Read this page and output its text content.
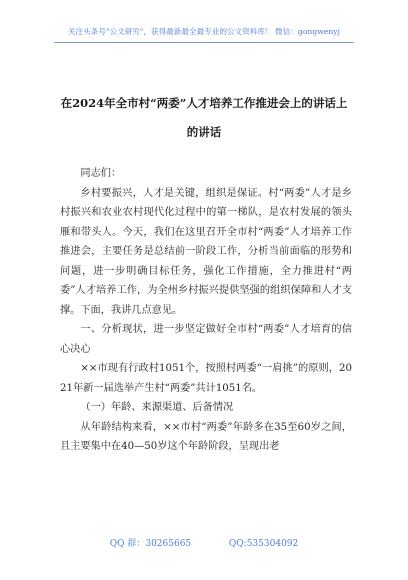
关注头条号"公文研究"，获得最新最全最专业的公文资料库！ 微信：gongwenyj
在2024年全市村“两委”人才培养工作推进会上的讲话上
的讲话

同志们：

乡村要振兴，人才是关键，组织是保证。村“两委”人才是乡村振兴和农业农村现代化过程中的第一梯队，是农村发展的领头雁和带头人。今天，我们在这里召开全市村“两委”人才培养工作推进会，主要任务是总结前一阶段工作，分析当前面临的形势和问题，进一步明确目标任务，强化工作措施，全力推进村“两委”人才培养工作，为全州乡村振兴提供坚强的组织保障和人才支撑。下面，我讲几点意见。

一、分析现状，进一步坚定做好全市村“两委”人才培育的信心决心

××市现有行政村1051个，按照村两委“一肩挑”的原则，2021年新一届选举产生村“两委”共计1051名。

（一）年龄、来源渠道、后备情况

从年龄结构来看，××市村“两委”年龄多在35至60岁之间，且主要集中在40—50岁这个年龄阶段，呈现出老

QQ 群：30265665	QQ:535304092
